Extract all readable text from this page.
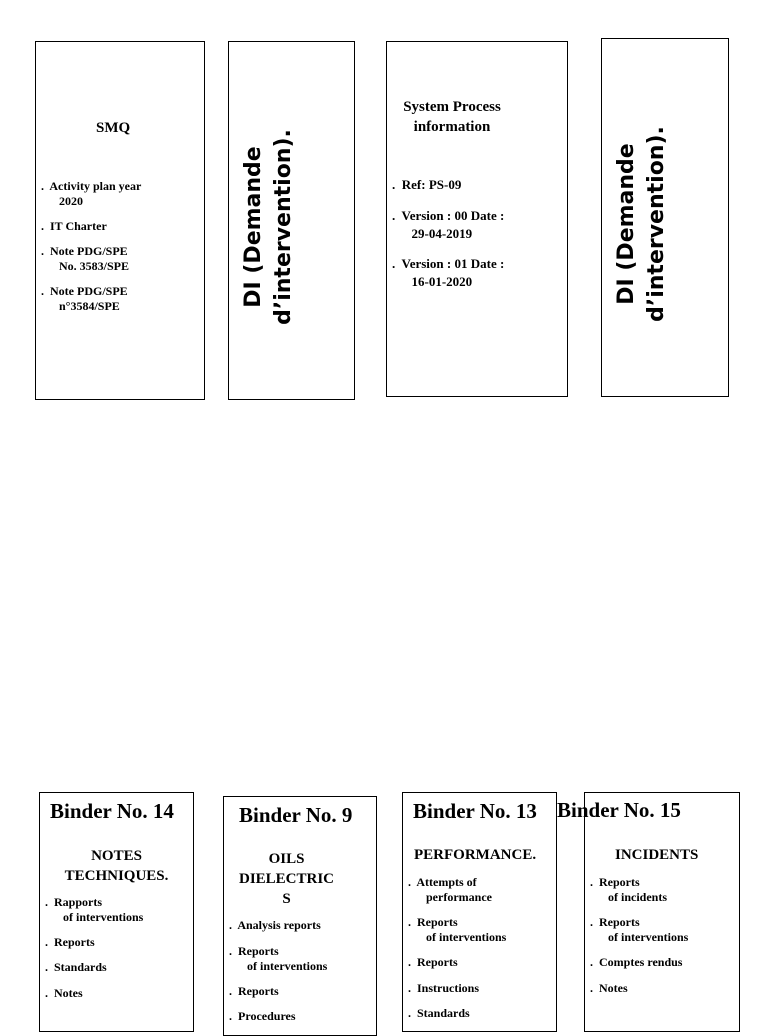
SMQ
.  Activity plan year
2020
.  IT Charter
.  Note PDG/SPE
No. 3583/SPE
.  Note PDG/SPE
n°3584/SPE	DI (Demande
d’intervention).
System Process
information
.  Ref: PS-09
.  Version : 00 Date :
29-04-2019
.  Version : 01 Date :
16-01-2020	DI (Demande
d’intervention).
Binder No. 14
NOTES
TECHNIQUES.
.  Rapports
of interventions
.  Reports
.  Standards
.  Notes
Binder No. 9
OILS
DIELECTRIC
S
.  Analysis reports
.  Reports
of interventions
.  Reports
.  Procedures
Binder No. 13
PERFORMANCE.
.  Attempts of
performance
.  Reports
of interventions
.  Reports
.  Instructions
.  Standards
INCIDENTS
.  Reports
of incidents
.  Reports
of interventions
.  Comptes rendus
.  Notes
Binder No. 15
